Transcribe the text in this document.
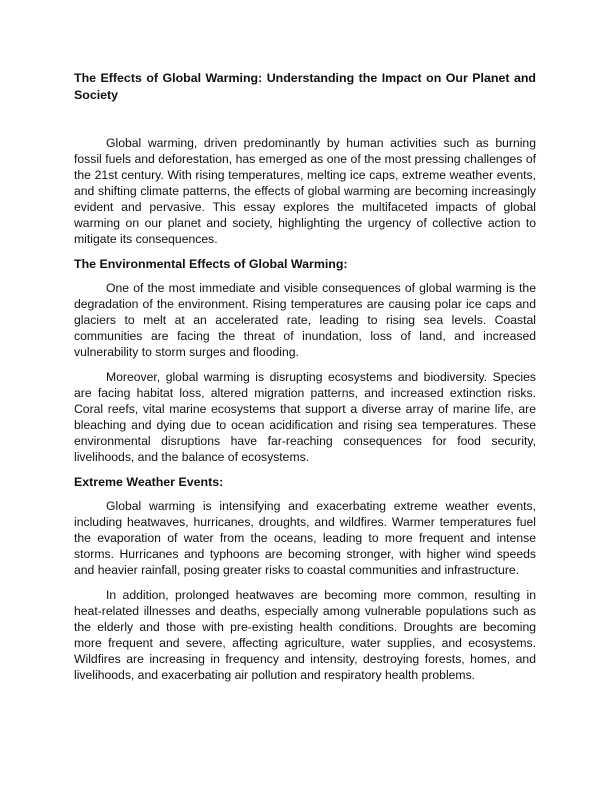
The Effects of Global Warming: Understanding the Impact on Our Planet and Society

Global warming, driven predominantly by human activities such as burning fossil fuels and deforestation, has emerged as one of the most pressing challenges of the 21st century. With rising temperatures, melting ice caps, extreme weather events, and shifting climate patterns, the effects of global warming are becoming increasingly evident and pervasive. This essay explores the multifaceted impacts of global warming on our planet and society, highlighting the urgency of collective action to mitigate its consequences.

The Environmental Effects of Global Warming:

One of the most immediate and visible consequences of global warming is the degradation of the environment. Rising temperatures are causing polar ice caps and glaciers to melt at an accelerated rate, leading to rising sea levels. Coastal communities are facing the threat of inundation, loss of land, and increased vulnerability to storm surges and flooding.

Moreover, global warming is disrupting ecosystems and biodiversity. Species are facing habitat loss, altered migration patterns, and increased extinction risks. Coral reefs, vital marine ecosystems that support a diverse array of marine life, are bleaching and dying due to ocean acidification and rising sea temperatures. These environmental disruptions have far-reaching consequences for food security, livelihoods, and the balance of ecosystems.

Extreme Weather Events:

Global warming is intensifying and exacerbating extreme weather events, including heatwaves, hurricanes, droughts, and wildfires. Warmer temperatures fuel the evaporation of water from the oceans, leading to more frequent and intense storms. Hurricanes and typhoons are becoming stronger, with higher wind speeds and heavier rainfall, posing greater risks to coastal communities and infrastructure.

In addition, prolonged heatwaves are becoming more common, resulting in heat-related illnesses and deaths, especially among vulnerable populations such as the elderly and those with pre-existing health conditions. Droughts are becoming more frequent and severe, affecting agriculture, water supplies, and ecosystems. Wildfires are increasing in frequency and intensity, destroying forests, homes, and livelihoods, and exacerbating air pollution and respiratory health problems.
